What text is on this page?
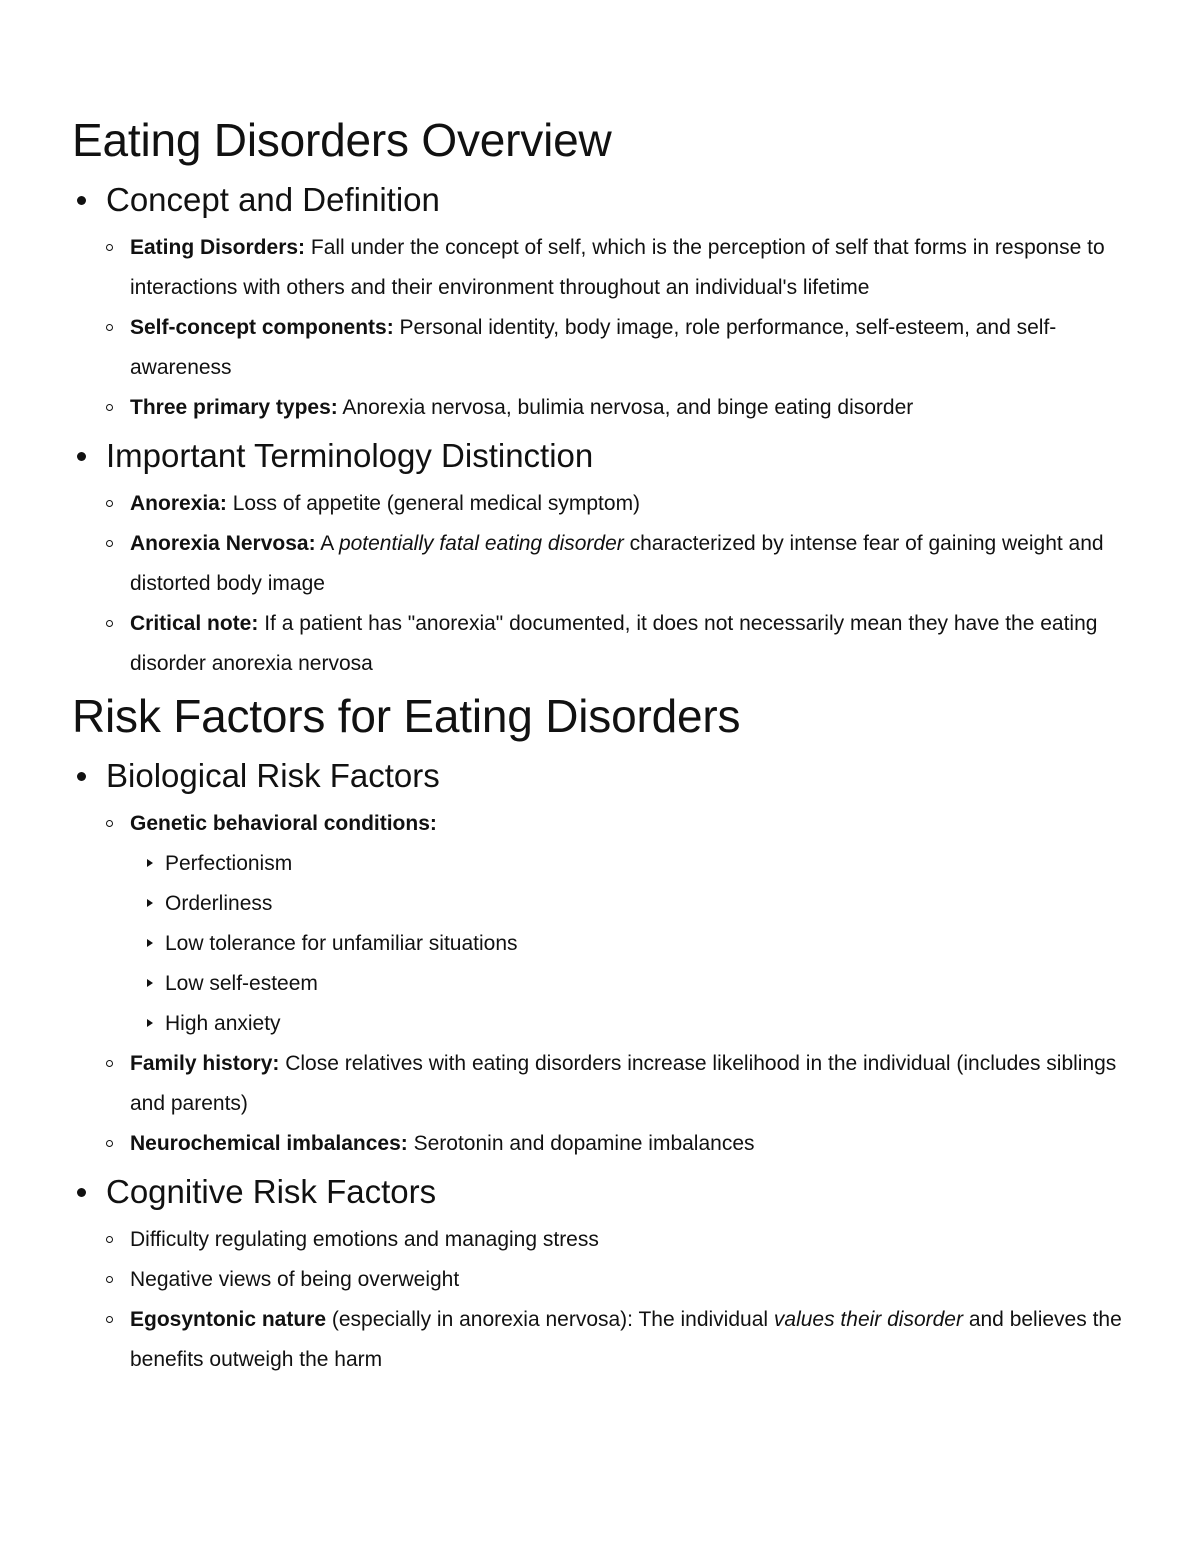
Eating Disorders Overview
Concept and Definition
Eating Disorders: Fall under the concept of self, which is the perception of self that forms in response to interactions with others and their environment throughout an individual's lifetime
Self-concept components: Personal identity, body image, role performance, self-esteem, and self-awareness
Three primary types: Anorexia nervosa, bulimia nervosa, and binge eating disorder
Important Terminology Distinction
Anorexia: Loss of appetite (general medical symptom)
Anorexia Nervosa: A potentially fatal eating disorder characterized by intense fear of gaining weight and distorted body image
Critical note: If a patient has "anorexia" documented, it does not necessarily mean they have the eating disorder anorexia nervosa
Risk Factors for Eating Disorders
Biological Risk Factors
Genetic behavioral conditions:
Perfectionism
Orderliness
Low tolerance for unfamiliar situations
Low self-esteem
High anxiety
Family history: Close relatives with eating disorders increase likelihood in the individual (includes siblings and parents)
Neurochemical imbalances: Serotonin and dopamine imbalances
Cognitive Risk Factors
Difficulty regulating emotions and managing stress
Negative views of being overweight
Egosyntonic nature (especially in anorexia nervosa): The individual values their disorder and believes the benefits outweigh the harm
